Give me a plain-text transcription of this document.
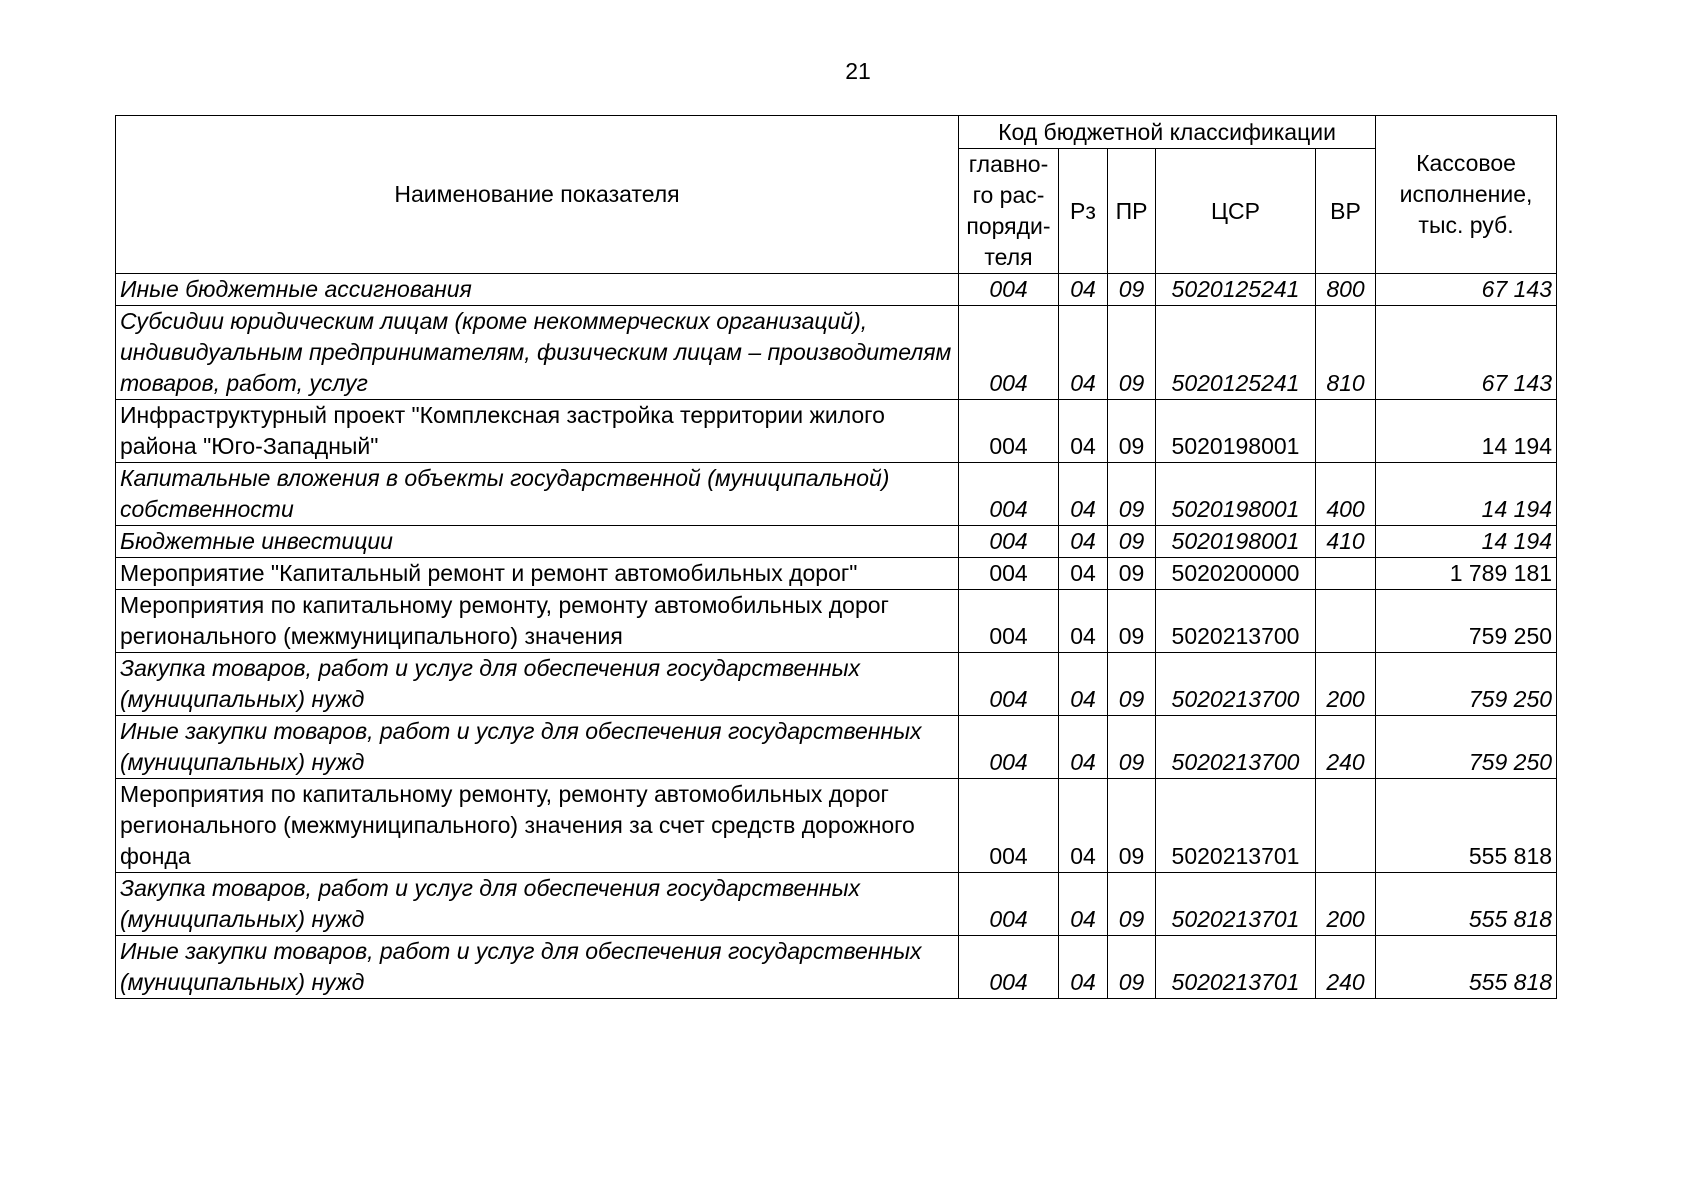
21
Наименование показателя	Код бюджетной классификации					Кассовое исполнение, тыс. руб.
	главно-го рас-поряди-теля	Рз	ПР	ЦСР	ВР	
Иные бюджетные ассигнования	004	04	09	5020125241	800	67 143
Субсидии юридическим лицам (кроме некоммерческих организаций), индивидуальным предпринимателям, физическим лицам – производителям товаров, работ, услуг	004	04	09	5020125241	810	67 143
Инфраструктурный проект "Комплексная застройка территории жилого района "Юго-Западный"	004	04	09	5020198001		14 194
Капитальные вложения в объекты государственной (муниципальной) собственности	004	04	09	5020198001	400	14 194
Бюджетные инвестиции	004	04	09	5020198001	410	14 194
Мероприятие "Капитальный ремонт и ремонт автомобильных дорог"	004	04	09	5020200000		1 789 181
Мероприятия по капитальному ремонту, ремонту автомобильных дорог регионального (межмуниципального) значения	004	04	09	5020213700		759 250
Закупка товаров, работ и услуг для обеспечения государственных (муниципальных) нужд	004	04	09	5020213700	200	759 250
Иные закупки товаров, работ и услуг для обеспечения государственных (муниципальных) нужд	004	04	09	5020213700	240	759 250
Мероприятия по капитальному ремонту, ремонту автомобильных дорог регионального (межмуниципального) значения за счет средств дорожного фонда	004	04	09	5020213701		555 818
Закупка товаров, работ и услуг для обеспечения государственных (муниципальных) нужд	004	04	09	5020213701	200	555 818
Иные закупки товаров, работ и услуг для обеспечения государственных (муниципальных) нужд	004	04	09	5020213701	240	555 818
